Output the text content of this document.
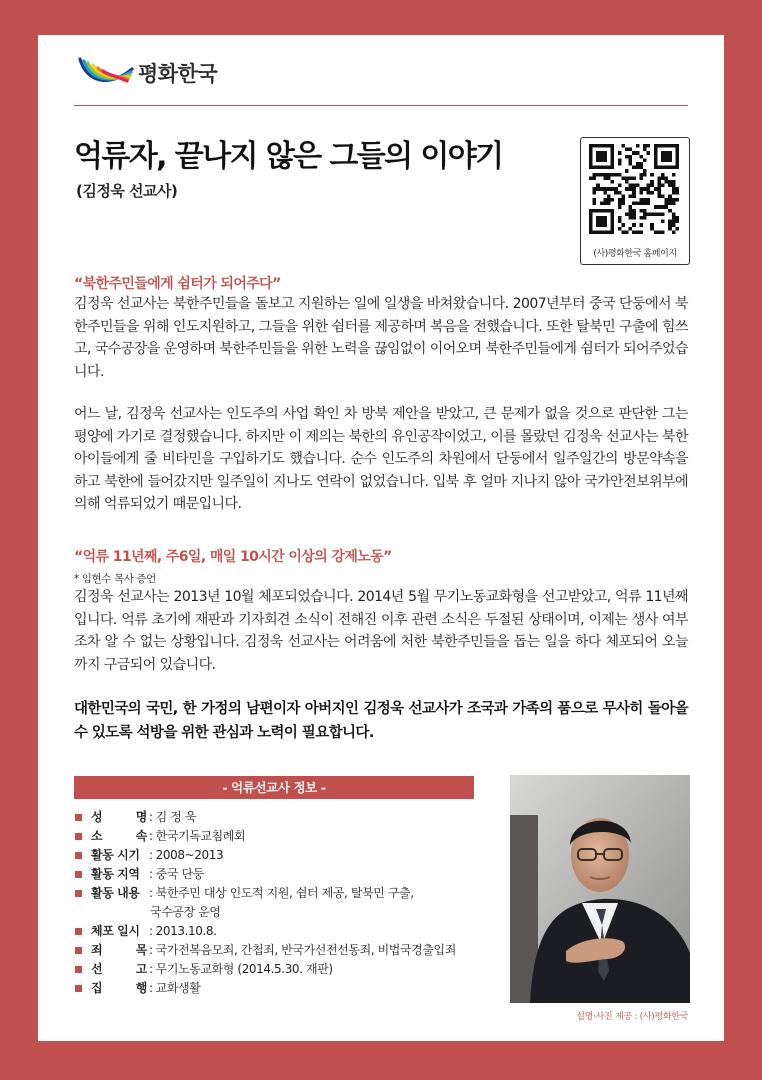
평화한국
억류자, 끝나지 않은 그들의 이야기
(김정욱 선교사)
(사)평화한국 홈페이지
“북한주민들에게 쉼터가 되어주다”
김정욱 선교사는 북한주민들을 돌보고 지원하는 일에 일생을 바쳐왔습니다. 2007년부터 중국 단둥에서 북한주민들을 위해 인도지원하고, 그들을 위한 쉼터를 제공하며 복음을 전했습니다. 또한 탈북민 구출에 힘쓰고, 국수공장을 운영하며 북한주민들을 위한 노력을 끊임없이 이어오며 북한주민들에게 쉼터가 되어주었습니다.
어느 날, 김정욱 선교사는 인도주의 사업 확인 차 방북 제안을 받았고, 큰 문제가 없을 것으로 판단한 그는 평양에 가기로 결정했습니다. 하지만 이 제의는 북한의 유인공작이었고, 이를 몰랐던 김정욱 선교사는 북한 아이들에게 줄 비타민을 구입하기도 했습니다. 순수 인도주의 차원에서 단둥에서 일주일간의 방문약속을 하고 북한에 들어갔지만 일주일이 지나도 연락이 없었습니다. 입북 후 얼마 지나지 않아 국가안전보위부에 의해 억류되었기 때문입니다.
“억류 11년째, 주6일, 매일 10시간 이상의 강제노동”
* 임현수 목사 증언
김정욱 선교사는 2013년 10월 체포되었습니다. 2014년 5월 무기노동교화형을 선고받았고, 억류 11년째입니다. 억류 초기에 재판과 기자회견 소식이 전해진 이후 관련 소식은 두절된 상태이며, 이제는 생사 여부조차 알 수 없는 상황입니다. 김정욱 선교사는 어려움에 처한 북한주민들을 돕는 일을 하다 체포되어 오늘까지 구금되어 있습니다.
대한민국의 국민, 한 가정의 남편이자 아버지인 김정욱 선교사가 조국과 가족의 품으로 무사히 돌아올 수 있도록 석방을 위한 관심과 노력이 필요합니다.
- 억류선교사 정보 -
성	명 : 김 정 욱
소	속 : 한국기독교침례회
활동 시기 : 2008~2013
활동 지역 : 중국 단둥
활동 내용 : 북한주민 대상 인도적 지원, 쉼터 제공, 탈북민 구출,
국수공장 운영
체포 일시 : 2013.10.8.
죄	목 : 국가전복음모죄, 간첩죄, 반국가선전선동죄, 비법국경출입죄
선	고 : 무기노동교화형 (2014.5.30. 재판)
집	행 : 교화생활
설명·사진 제공 : (사)평화한국
